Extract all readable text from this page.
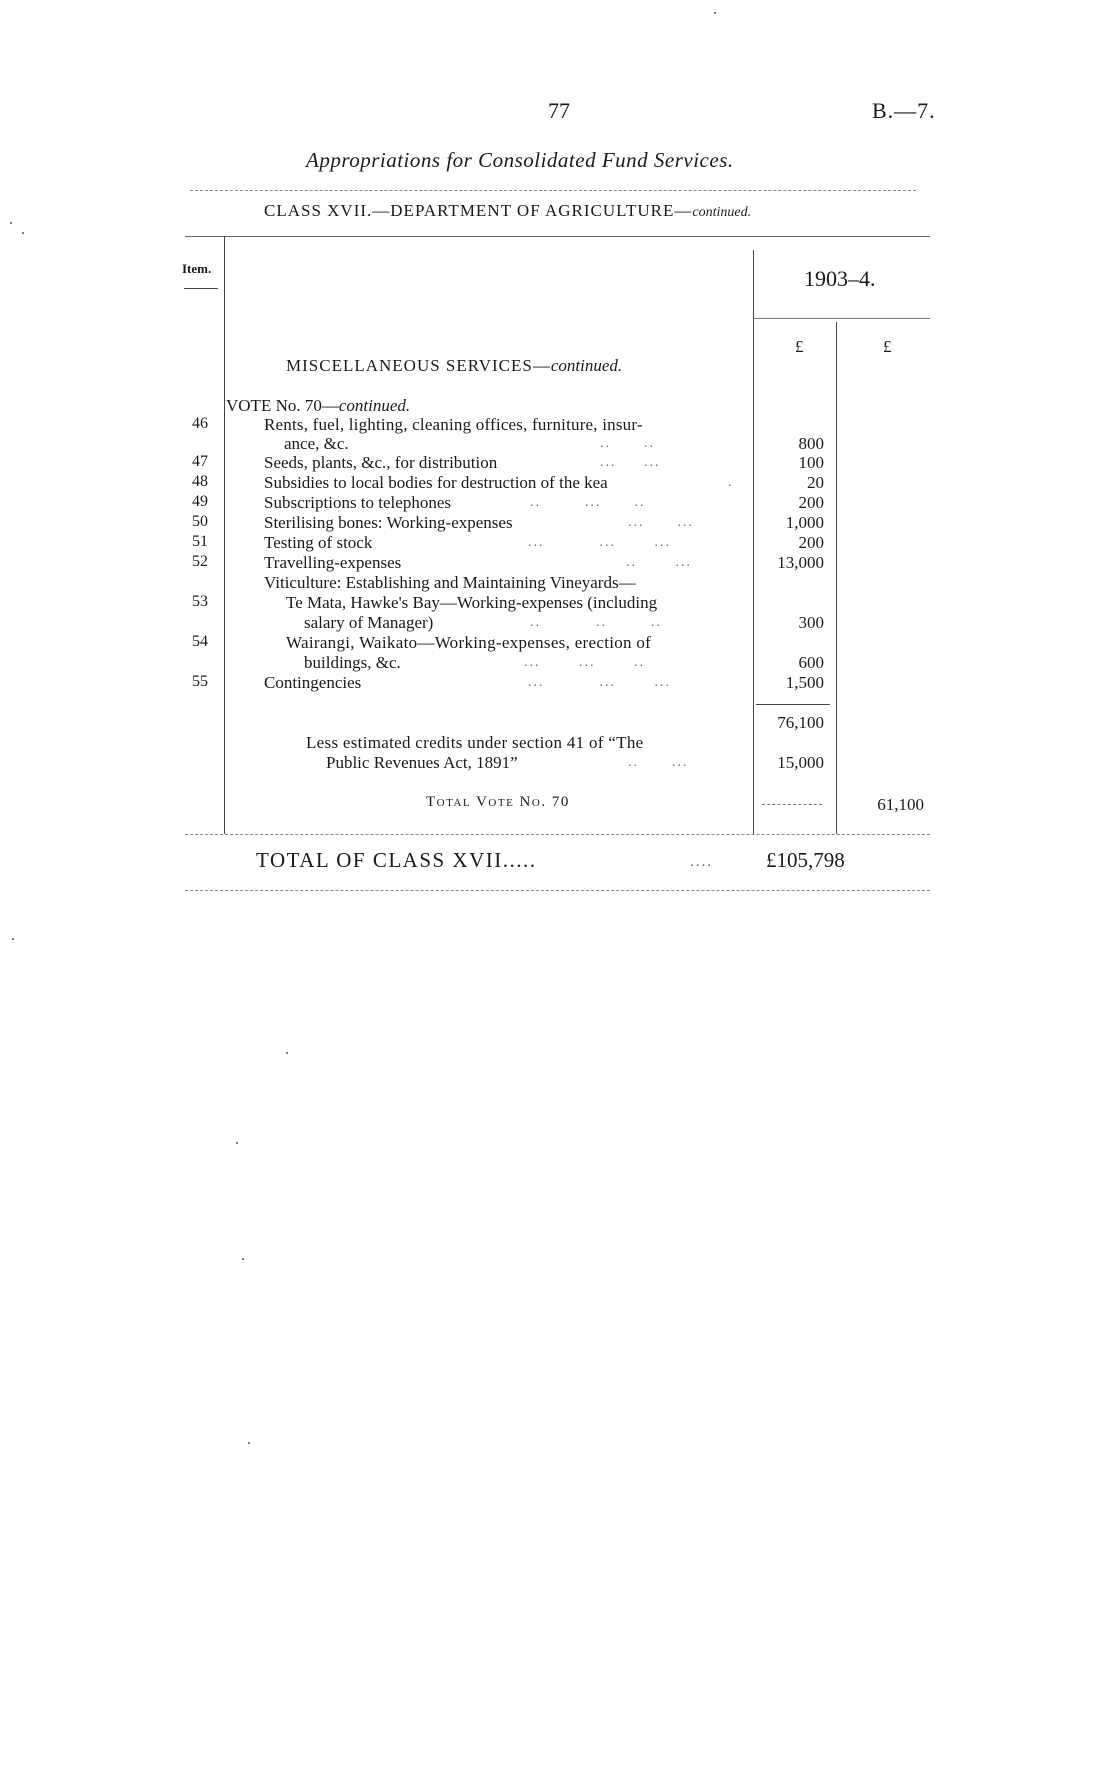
77	B.—7.
Appropriations for Consolidated Fund Services.
CLASS XVII.—DEPARTMENT OF AGRICULTURE—continued.
Item.	1903–4.
£	£
MISCELLANEOUS SERVICES—continued.
VOTE No. 70—continued.
46	Rents, fuel, lighting, cleaning offices, furniture, insur-
ance, &c.	..      ..	800
47	Seeds, plants, &c., for distribution	...     ...	100
48	Subsidies to local bodies for destruction of the kea	.	20
49	Subscriptions to telephones	..        ...      ..	200
50	Sterilising bones: Working-expenses	...      ...	1,000
51	Testing of stock	...          ...       ...	200
52	Travelling-expenses	..       ...	13,000
Viticulture: Establishing and Maintaining Vineyards—
53	Te Mata, Hawke's Bay—Working-expenses (including
salary of Manager)	..          ..        ..	300
54	Wairangi, Waikato—Working-expenses, erection of
buildings, &c.	...       ...       ..	600
55	Contingencies	...          ...       ...	1,500
76,100
Less estimated credits under section 41 of “The
Public Revenues Act, 1891”	..      ...	15,000
Total Vote No. 70	61,100
TOTAL OF CLASS XVII.....	....	£105,798
